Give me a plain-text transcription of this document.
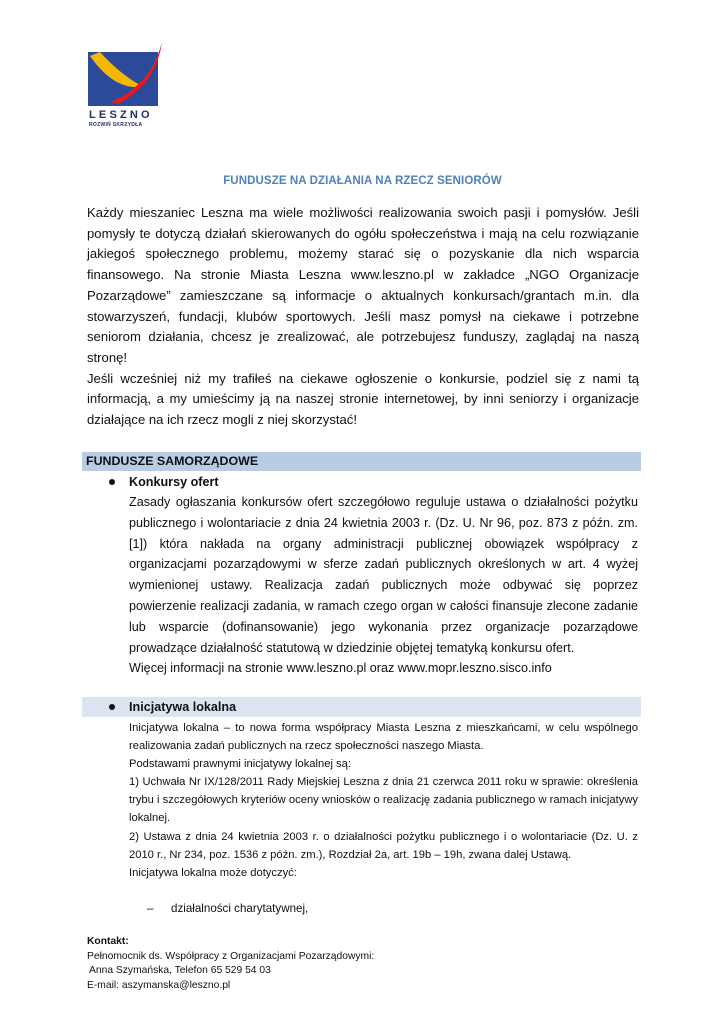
LESZNO
ROZWIŃ SKRZYDŁA
FUNDUSZE NA DZIAŁANIA NA RZECZ SENIORÓW

Każdy mieszaniec Leszna ma wiele możliwości realizowania swoich pasji i pomysłów. Jeśli pomysły te dotyczą działań skierowanych do ogółu społeczeństwa i mają na celu rozwiązanie jakiegoś społecznego problemu, możemy starać się o pozyskanie dla nich wsparcia finansowego. Na stronie Miasta Leszna www.leszno.pl w zakładce „NGO Organizacje Pozarządowe” zamieszczane są informacje o aktualnych konkursach/grantach m.in. dla stowarzyszeń, fundacji, klubów sportowych. Jeśli masz pomysł na ciekawe i potrzebne seniorom działania, chcesz je zrealizować, ale potrzebujesz funduszy, zaglądaj na naszą stronę!

Jeśli wcześniej niż my trafiłeś na ciekawe ogłoszenie o konkursie, podziel się z nami tą informacją, a my umieścimy ją na naszej stronie internetowej, by inni seniorzy i organizacje działające na ich rzecz mogli z niej skorzystać!

FUNDUSZE SAMORZĄDOWE
Konkursy ofert

Zasady ogłaszania konkursów ofert szczegółowo reguluje ustawa o działalności pożytku publicznego i wolontariacie z dnia 24 kwietnia 2003 r. (Dz. U. Nr 96, poz. 873 z późn. zm.[1]) która nakłada na organy administracji publicznej obowiązek współpracy z organizacjami pozarządowymi w sferze zadań publicznych określonych w art. 4 wyżej wymienionej ustawy. Realizacja zadań publicznych może odbywać się poprzez powierzenie realizacji zadania, w ramach czego organ w całości finansuje zlecone zadanie lub wsparcie (dofinansowanie) jego wykonania przez organizacje pozarządowe prowadzące działalność statutową w dziedzinie objętej tematyką konkursu ofert.

Więcej informacji na stronie www.leszno.pl oraz www.mopr.leszno.sisco.info

Inicjatywa lokalna

Inicjatywa lokalna – to nowa forma współpracy Miasta Leszna z mieszkańcami, w celu wspólnego realizowania zadań publicznych na rzecz społeczności naszego Miasta.

Podstawami prawnymi inicjatywy lokalnej są:

1) Uchwała Nr IX/128/2011 Rady Miejskiej Leszna z dnia 21 czerwca 2011 roku w sprawie: określenia trybu i szczegółowych kryteriów oceny wniosków o realizację zadania publicznego w ramach inicjatywy lokalnej.

2) Ustawa z dnia 24 kwietnia 2003 r. o działalności pożytku publicznego i o wolontariacie (Dz. U. z 2010 r., Nr 234, poz. 1536 z późn. zm.), Rozdział 2a, art. 19b – 19h, zwana dalej Ustawą.

Inicjatywa lokalna może dotyczyć:

– działalności charytatywnej,
Kontakt:
Pełnomocnik ds. Współpracy z Organizacjami Pozarządowymi:
Anna Szymańska, Telefon 65 529 54 03
E-mail: aszymanska@leszno.pl
